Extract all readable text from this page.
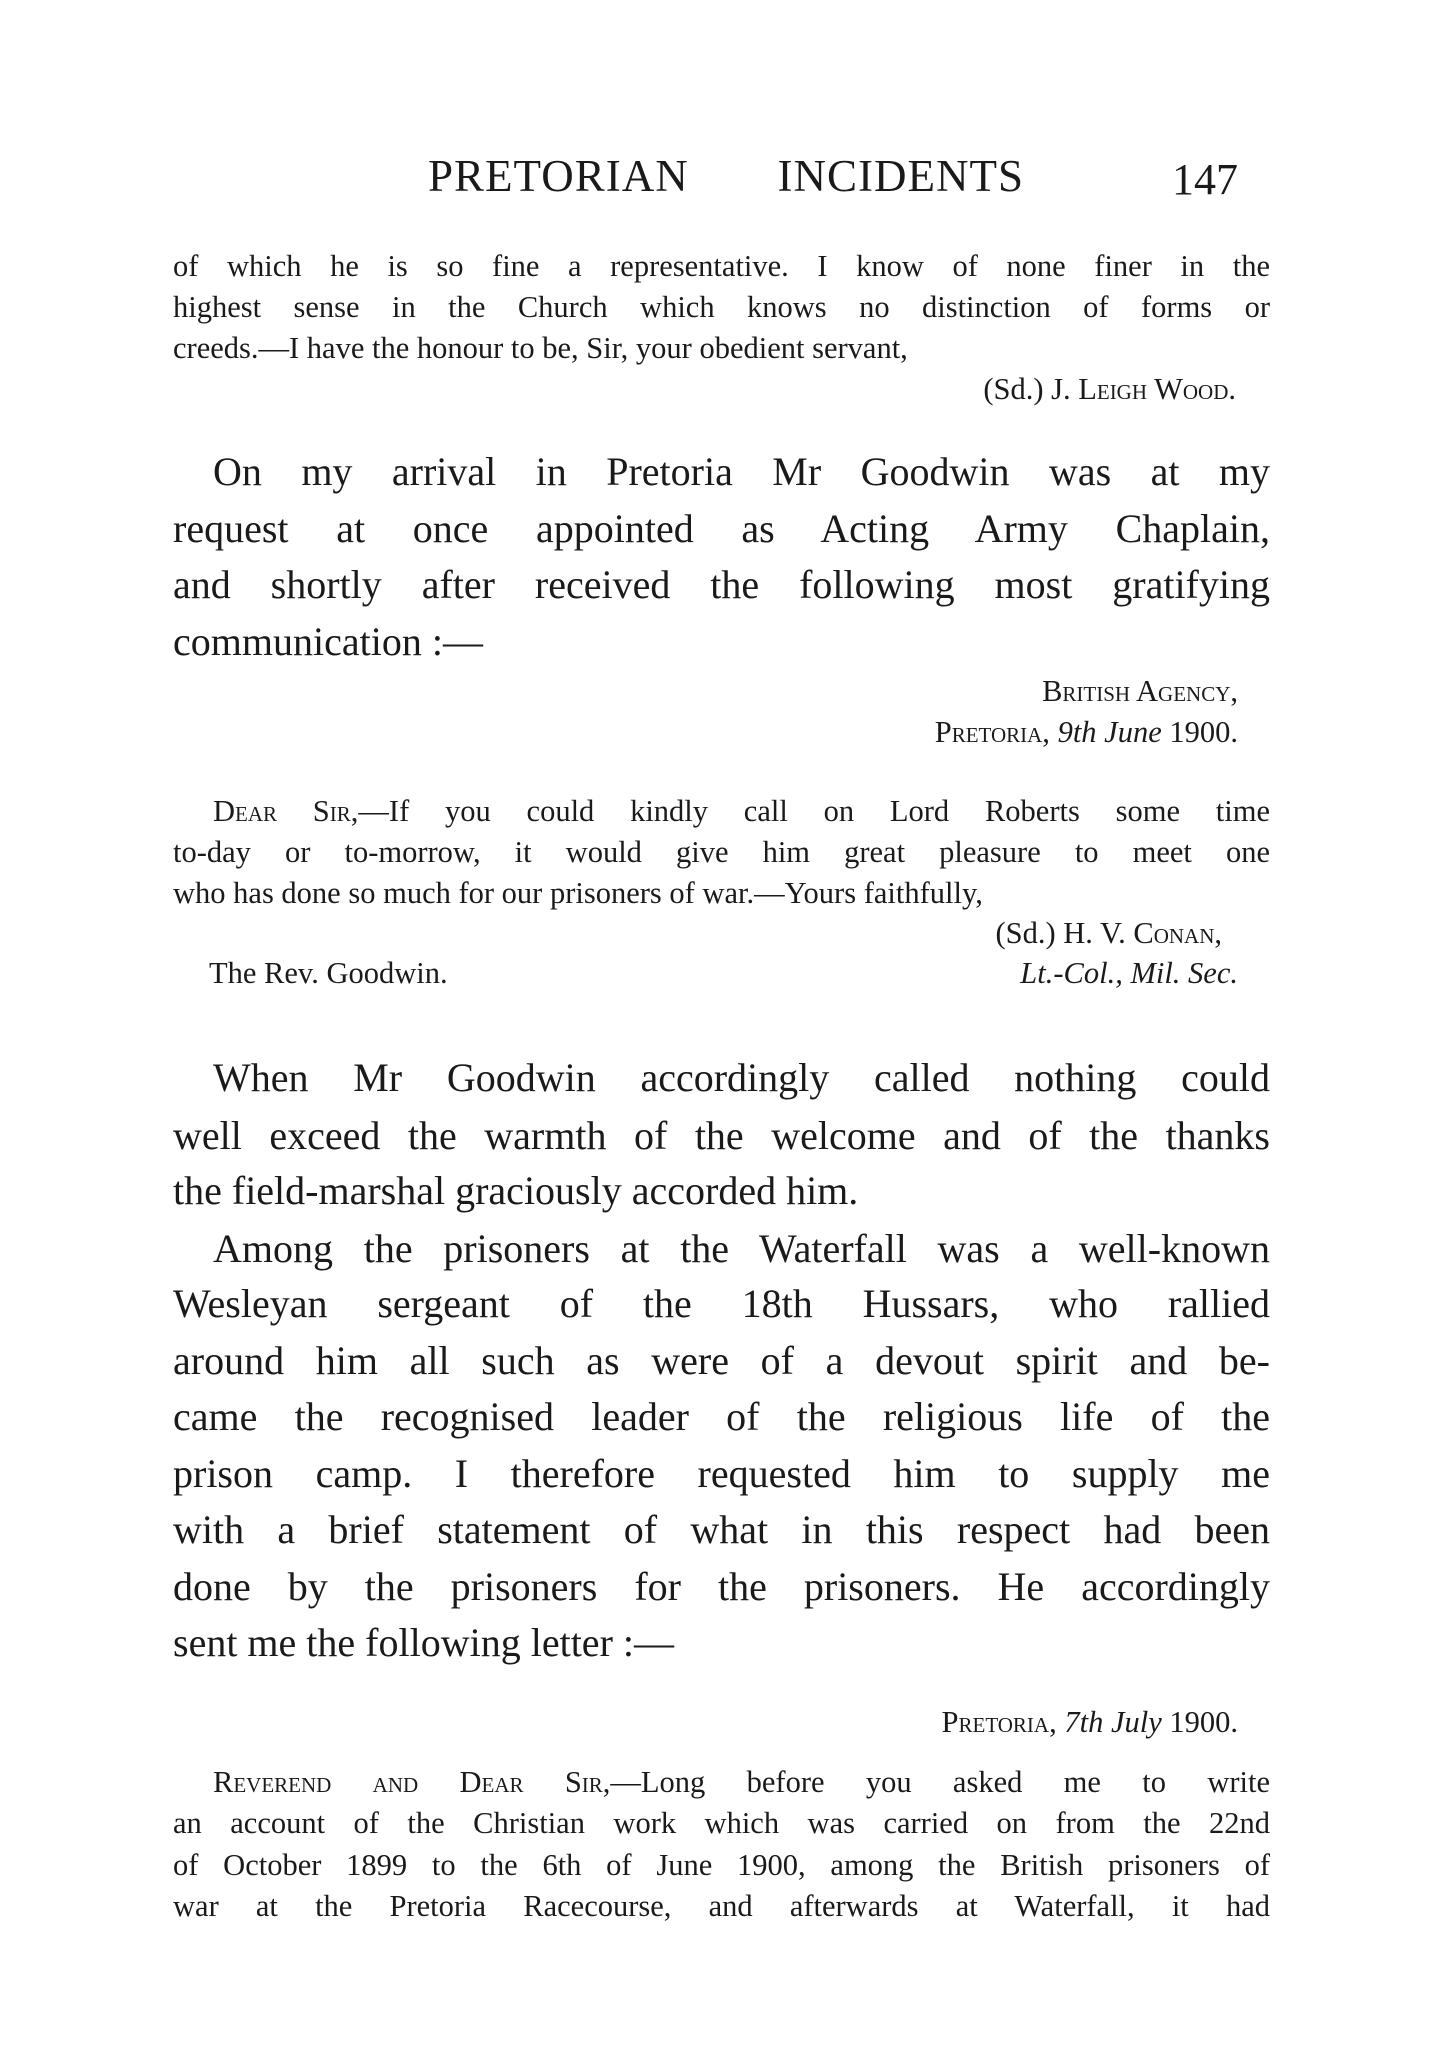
PRETORIAN INCIDENTS	147
of which he is so fine a representative. I know of none finer in the
highest sense in the Church which knows no distinction of forms or
creeds.—I have the honour to be, Sir, your obedient servant,
(Sd.) J. Leigh Wood.
On my arrival in Pretoria Mr Goodwin was at my
request at once appointed as Acting Army Chaplain,
and shortly after received the following most gratifying
communication :—
British Agency,
Pretoria, 9th June 1900.
Dear Sir,—If you could kindly call on Lord Roberts some time
to-day or to-morrow, it would give him great pleasure to meet one
who has done so much for our prisoners of war.—Yours faithfully,
(Sd.) H. V. Conan,
The Rev. Goodwin.	Lt.-Col., Mil. Sec.
When Mr Goodwin accordingly called nothing could
well exceed the warmth of the welcome and of the thanks
the field-marshal graciously accorded him.
Among the prisoners at the Waterfall was a well-known
Wesleyan sergeant of the 18th Hussars, who rallied
around him all such as were of a devout spirit and be-
came the recognised leader of the religious life of the
prison camp. I therefore requested him to supply me
with a brief statement of what in this respect had been
done by the prisoners for the prisoners. He accordingly
sent me the following letter :—
Pretoria, 7th July 1900.
Reverend and Dear Sir,—Long before you asked me to write
an account of the Christian work which was carried on from the 22nd
of October 1899 to the 6th of June 1900, among the British prisoners of
war at the Pretoria Racecourse, and afterwards at Waterfall, it had
